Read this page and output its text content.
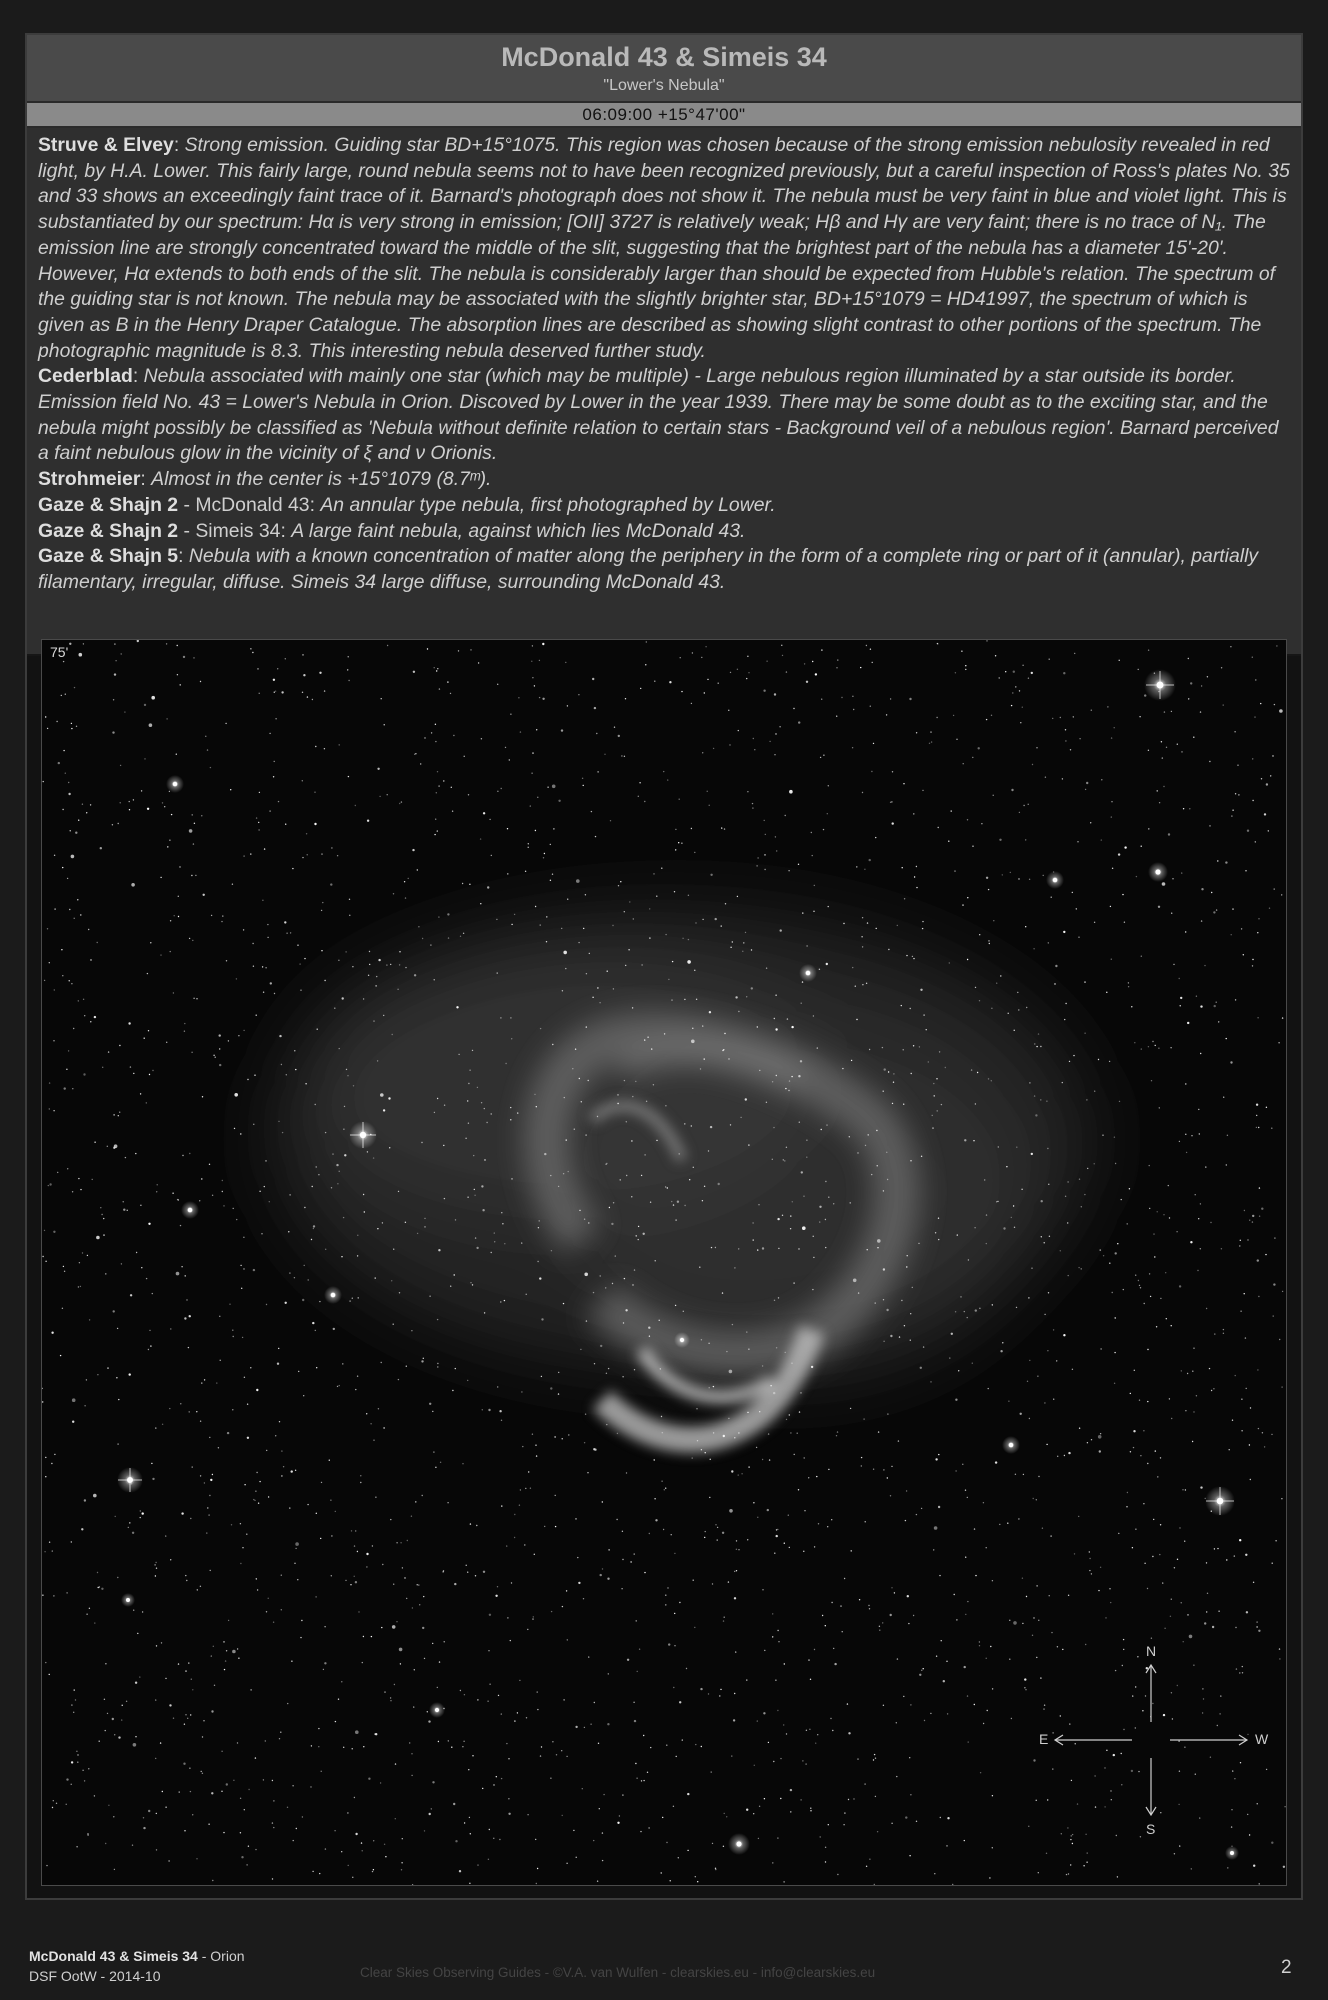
McDonald 43 & Simeis 34
"Lower's Nebula"
06:09:00 +15°47'00"
Struve & Elvey: Strong emission. Guiding star BD+15°1075. This region was chosen because of the strong emission nebulosity revealed in red light, by H.A. Lower. This fairly large, round nebula seems not to have been recognized previously, but a careful inspection of Ross's plates No. 35 and 33 shows an exceedingly faint trace of it. Barnard's photograph does not show it. The nebula must be very faint in blue and violet light. This is substantiated by our spectrum: Hα is very strong in emission; [OII] 3727 is relatively weak; Hβ and Hγ are very faint; there is no trace of N₁. The emission line are strongly concentrated toward the middle of the slit, suggesting that the brightest part of the nebula has a diameter 15'-20'. However, Hα extends to both ends of the slit. The nebula is considerably larger than should be expected from Hubble's relation. The spectrum of the guiding star is not known. The nebula may be associated with the slightly brighter star, BD+15°1079 = HD41997, the spectrum of which is given as B in the Henry Draper Catalogue. The absorption lines are described as showing slight contrast to other portions of the spectrum. The photographic magnitude is 8.3. This interesting nebula deserved further study.
Cederblad: Nebula associated with mainly one star (which may be multiple) - Large nebulous region illuminated by a star outside its border. Emission field No. 43 = Lower's Nebula in Orion. Discoved by Lower in the year 1939. There may be some doubt as to the exciting star, and the nebula might possibly be classified as 'Nebula without definite relation to certain stars - Background veil of a nebulous region'. Barnard perceived a faint nebulous glow in the vicinity of ξ and ν Orionis.
Strohmeier: Almost in the center is +15°1079 (8.7ᵐ).
Gaze & Shajn 2 - McDonald 43: An annular type nebula, first photographed by Lower.
Gaze & Shajn 2 - Simeis 34: A large faint nebula, against which lies McDonald 43.
Gaze & Shajn 5: Nebula with a known concentration of matter along the periphery in the form of a complete ring or part of it (annular), partially filamentary, irregular, diffuse. Simeis 34 large diffuse, surrounding McDonald 43.
75'
N
S
E	W
McDonald 43 & Simeis 34 - Orion
DSF OotW - 2014-10	Clear Skies Observing Guides - ©V.A. van Wulfen - clearskies.eu - info@clearskies.eu	2
